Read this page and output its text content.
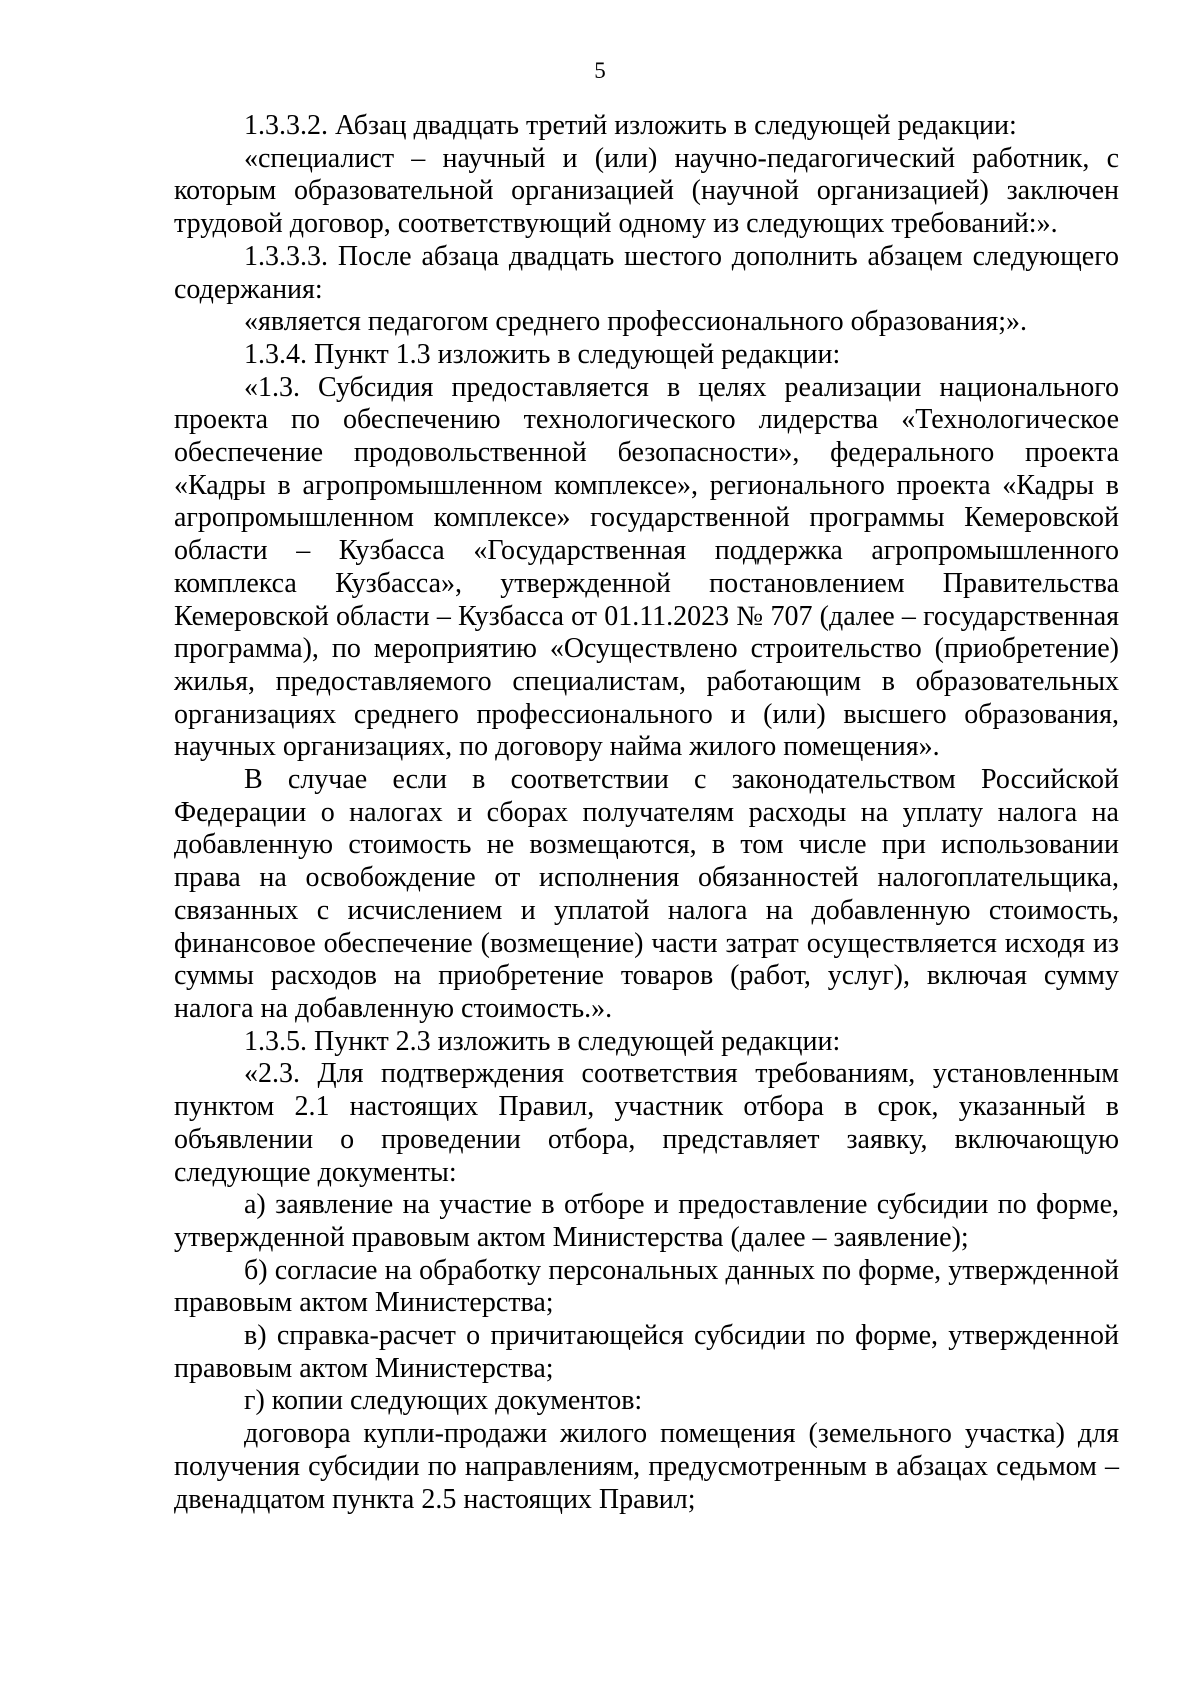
5

1.3.3.2. Абзац двадцать третий изложить в следующей редакции:

«специалист – научный и (или) научно-педагогический работник, с которым образовательной организацией (научной организацией) заключен трудовой договор, соответствующий одному из следующих требований:».

1.3.3.3. После абзаца двадцать шестого дополнить абзацем следующего содержания:

«является педагогом среднего профессионального образования;».

1.3.4. Пункт 1.3 изложить в следующей редакции:

«1.3. Субсидия предоставляется в целях реализации национального проекта по обеспечению технологического лидерства «Технологическое обеспечение продовольственной безопасности», федерального проекта «Кадры в агропромышленном комплексе», регионального проекта «Кадры в агропромышленном комплексе» государственной программы Кемеровской области – Кузбасса «Государственная поддержка агропромышленного комплекса Кузбасса», утвержденной постановлением Правительства Кемеровской области – Кузбасса от 01.11.2023 № 707 (далее – государственная программа), по мероприятию «Осуществлено строительство (приобретение) жилья, предоставляемого специалистам, работающим в образовательных организациях среднего профессионального и (или) высшего образования, научных организациях, по договору найма жилого помещения».

В случае если в соответствии с законодательством Российской Федерации о налогах и сборах получателям расходы на уплату налога на добавленную стоимость не возмещаются, в том числе при использовании права на освобождение от исполнения обязанностей налогоплательщика, связанных с исчислением и уплатой налога на добавленную стоимость, финансовое обеспечение (возмещение) части затрат осуществляется исходя из суммы расходов на приобретение товаров (работ, услуг), включая сумму налога на добавленную стоимость.».

1.3.5. Пункт 2.3 изложить в следующей редакции:

«2.3. Для подтверждения соответствия требованиям, установленным пунктом 2.1 настоящих Правил, участник отбора в срок, указанный в объявлении о проведении отбора, представляет заявку, включающую следующие документы:

а) заявление на участие в отборе и предоставление субсидии по форме, утвержденной правовым актом Министерства (далее – заявление);

б) согласие на обработку персональных данных по форме, утвержденной правовым актом Министерства;

в) справка-расчет о причитающейся субсидии по форме, утвержденной правовым актом Министерства;

г) копии следующих документов:

договора купли-продажи жилого помещения (земельного участка) для получения субсидии по направлениям, предусмотренным в абзацах седьмом – двенадцатом пункта 2.5 настоящих Правил;
